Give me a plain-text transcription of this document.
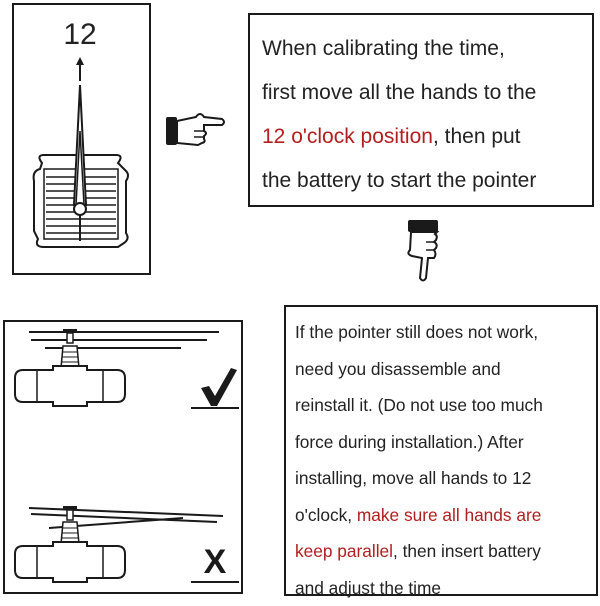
12	When calibrating the time,
first move all the hands to the
12 o'clock position, then put
the battery to start the pointer
X
If the pointer still does not work,
need you disassemble and
reinstall it. (Do not use too much
force during installation.) After
installing, move all hands to 12
o'clock, make sure all hands are
keep parallel, then insert battery
and adjust the time
